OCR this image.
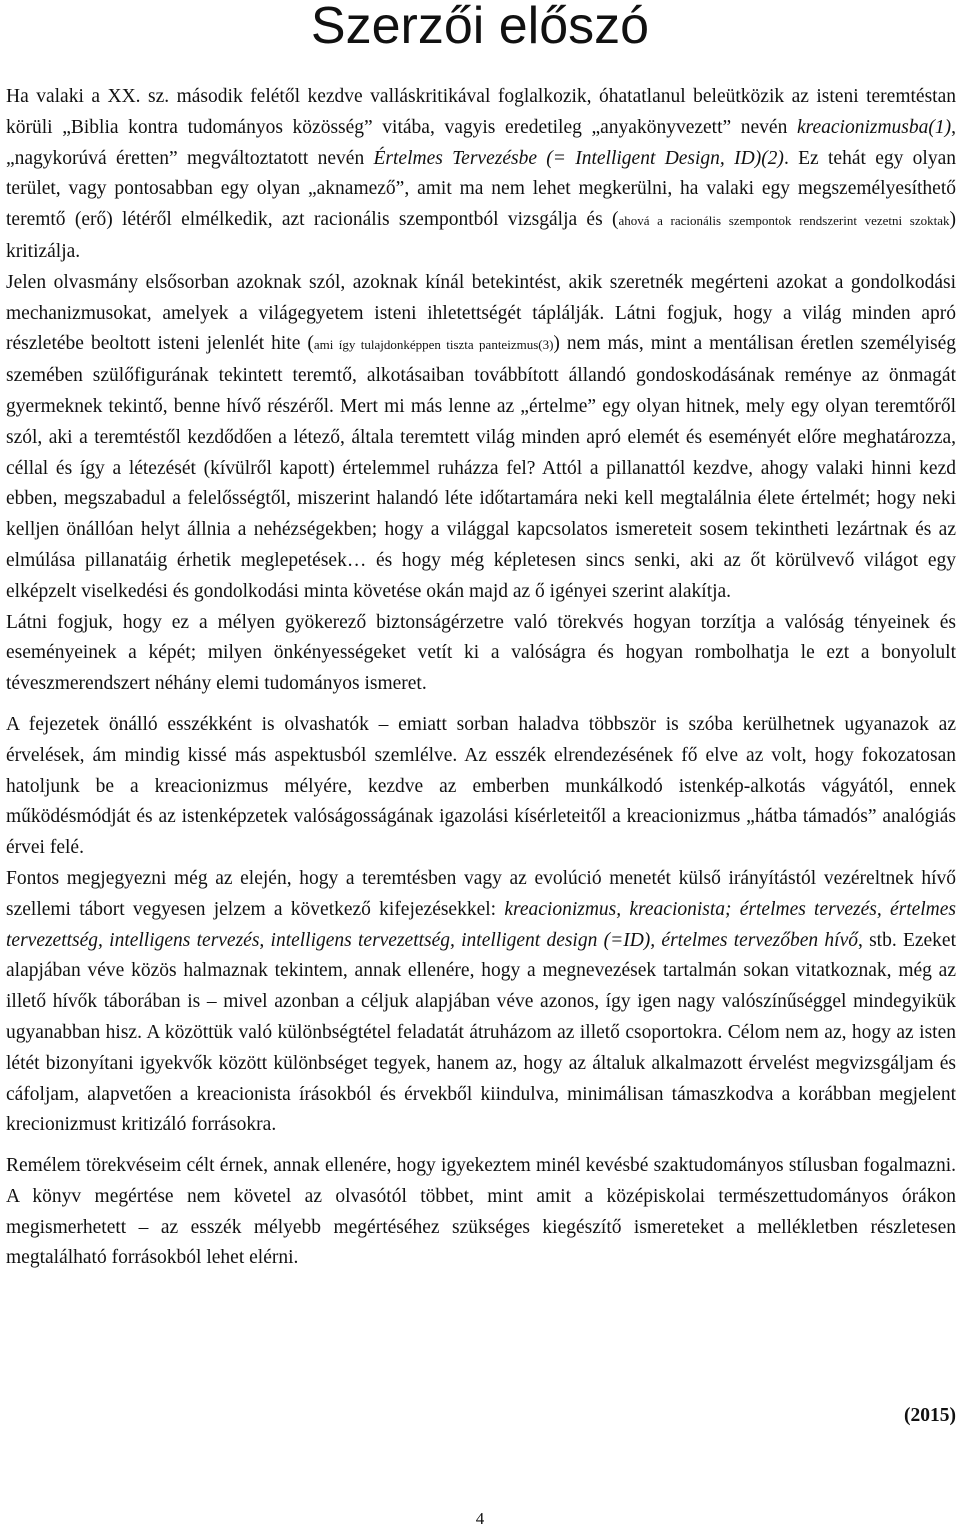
Szerzői előszó

Ha valaki a XX. sz. második felétől kezdve valláskritikával foglalkozik, óhatatlanul beleütközik az isteni teremtéstan körüli „Biblia kontra tudományos közösség” vitába, vagyis eredetileg „anyakönyvezett” nevén kreacionizmusba(1), „nagykorúvá éretten” megváltoztatott nevén Értelmes Tervezésbe (= Intelligent Design, ID)(2). Ez tehát egy olyan terület, vagy pontosabban egy olyan „aknamező”, amit ma nem lehet megkerülni, ha valaki egy megszemélyesíthető teremtő (erő) létéről elmélkedik, azt racionális szempontból vizsgálja és (ahová a racionális szempontok rendszerint vezetni szoktak) kritizálja.

Jelen olvasmány elsősorban azoknak szól, azoknak kínál betekintést, akik szeretnék megérteni azokat a gondolkodási mechanizmusokat, amelyek a világegyetem isteni ihletettségét táplálják. Látni fogjuk, hogy a világ minden apró részletébe beoltott isteni jelenlét hite (ami így tulajdonképpen tiszta panteizmus(3)) nem más, mint a mentálisan éretlen személyiség szemében szülőfigurának tekintett teremtő, alkotásaiban továbbított állandó gondoskodásának reménye az önmagát gyermeknek tekintő, benne hívő részéről. Mert mi más lenne az „értelme” egy olyan hitnek, mely egy olyan teremtőről szól, aki a teremtéstől kezdődően a létező, általa teremtett világ minden apró elemét és eseményét előre meghatározza, céllal és így a létezését (kívülről kapott) értelemmel ruházza fel? Attól a pillanattól kezdve, ahogy valaki hinni kezd ebben, megszabadul a felelősségtől, miszerint halandó léte időtartamára neki kell megtalálnia élete értelmét; hogy neki kelljen önállóan helyt állnia a nehézségekben; hogy a világgal kapcsolatos ismereteit sosem tekintheti lezártnak és az elmúlása pillanatáig érhetik meglepetések… és hogy még képletesen sincs senki, aki az őt körülvevő világot egy elképzelt viselkedési és gondolkodási minta követése okán majd az ő igényei szerint alakítja.

Látni fogjuk, hogy ez a mélyen gyökerező biztonságérzetre való törekvés hogyan torzítja a valóság tényeinek és eseményeinek a képét; milyen önkényességeket vetít ki a valóságra és hogyan rombolhatja le ezt a bonyolult téveszmerendszert néhány elemi tudományos ismeret.

A fejezetek önálló esszékként is olvashatók – emiatt sorban haladva többször is szóba kerülhetnek ugyanazok az érvelések, ám mindig kissé más aspektusból szemlélve. Az esszék elrendezésének fő elve az volt, hogy fokozatosan hatoljunk be a kreacionizmus mélyére, kezdve az emberben munkálkodó istenkép-alkotás vágyától, ennek működésmódját és az istenképzetek valóságosságának igazolási kísérleteitől a kreacionizmus „hátba támadós” analógiás érvei felé.

Fontos megjegyezni még az elején, hogy a teremtésben vagy az evolúció menetét külső irányítástól vezéreltnek hívő szellemi tábort vegyesen jelzem a következő kifejezésekkel: kreacionizmus, kreacionista; értelmes tervezés, értelmes tervezettség, intelligens tervezés, intelligens tervezettség, intelligent design (=ID), értelmes tervezőben hívő, stb. Ezeket alapjában véve közös halmaznak tekintem, annak ellenére, hogy a megnevezések tartalmán sokan vitatkoznak, még az illető hívők táborában is – mivel azonban a céljuk alapjában véve azonos, így igen nagy valószínűséggel mindegyikük ugyanabban hisz. A közöttük való különbségtétel feladatát átruházom az illető csoportokra. Célom nem az, hogy az isten létét bizonyítani igyekvők között különbséget tegyek, hanem az, hogy az általuk alkalmazott érvelést megvizsgáljam és cáfoljam, alapvetően a kreacionista írásokból és érvekből kiindulva, minimálisan támaszkodva a korábban megjelent krecionizmust kritizáló forrásokra.

Remélem törekvéseim célt érnek, annak ellenére, hogy igyekeztem minél kevésbé szaktudományos stílusban fogalmazni. A könyv megértése nem követel az olvasótól többet, mint amit a középiskolai természettudományos órákon megismerhetett – az esszék mélyebb megértéséhez szükséges kiegészítő ismereteket a mellékletben részletesen megtalálható forrásokból lehet elérni.

(2015)
4
